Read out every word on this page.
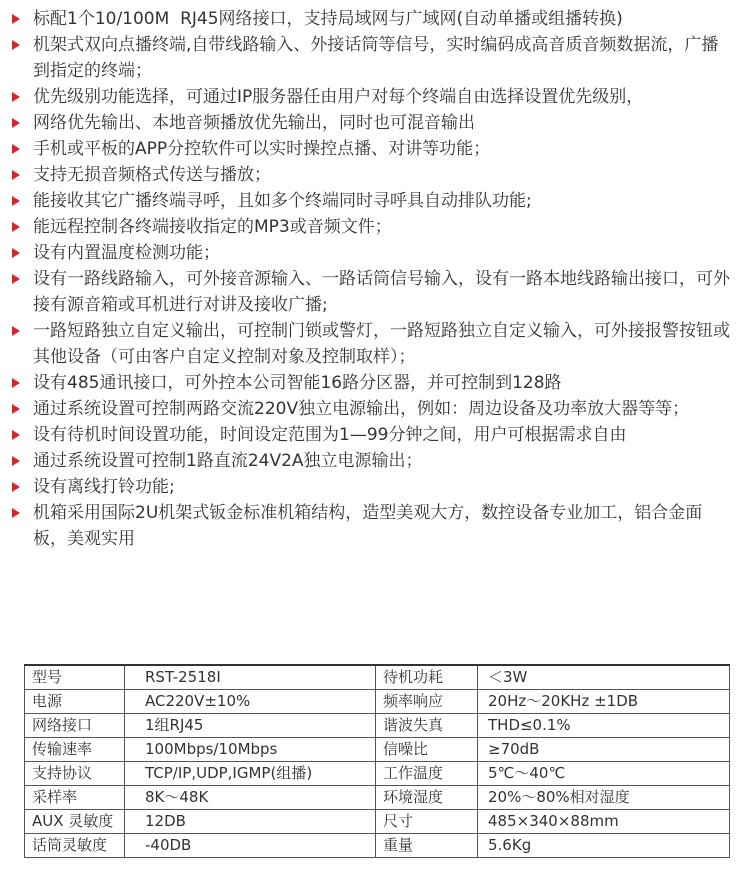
标配1个10/100M  RJ45网络接口，支持局域网与广域网(自动单播或组播转换)
机架式双向点播终端,自带线路输入、外接话筒等信号，实时编码成高音质音频数据流，广播到指定的终端；
优先级别功能选择，可通过IP服务器任由用户对每个终端自由选择设置优先级别，
网络优先输出、本地音频播放优先输出，同时也可混音输出
手机或平板的APP分控软件可以实时操控点播、对讲等功能；
支持无损音频格式传送与播放；
能接收其它广播终端寻呼，且如多个终端同时寻呼具自动排队功能;
能远程控制各终端接收指定的MP3或音频文件；
设有内置温度检测功能；
设有一路线路输入，可外接音源输入、一路话筒信号输入，设有一路本地线路输出接口，可外接有源音箱或耳机进行对讲及接收广播;
一路短路独立自定义输出，可控制门锁或警灯，一路短路独立自定义输入，可外接报警按钮或其他设备（可由客户自定义控制对象及控制取样）；
设有485通讯接口，可外控本公司智能16路分区器，并可控制到128路
通过系统设置可控制两路交流220V独立电源输出，例如：周边设备及功率放大器等等；
设有待机时间设置功能，时间设定范围为1—99分钟之间，用户可根据需求自由
通过系统设置可控制1路直流24V2A独立电源输出；
设有离线打铃功能;
机箱采用国际2U机架式钣金标准机箱结构，造型美观大方，数控设备专业加工，铝合金面板，美观实用
型号	RST-2518I	待机功耗	＜3W
电源	AC220V±10%	频率响应	20Hz～20KHz ±1DB
网络接口	1组RJ45	谐波失真	THD≤0.1%
传输速率	100Mbps/10Mbps	信噪比	≥70dB
支持协议	TCP/IP,UDP,IGMP(组播)	工作温度	5℃～40℃
采样率	8K～48K	环境湿度	20%～80%相对湿度
AUX 灵敏度	12DB	尺寸	485×340×88mm
话筒灵敏度	-40DB	重量	5.6Kg
